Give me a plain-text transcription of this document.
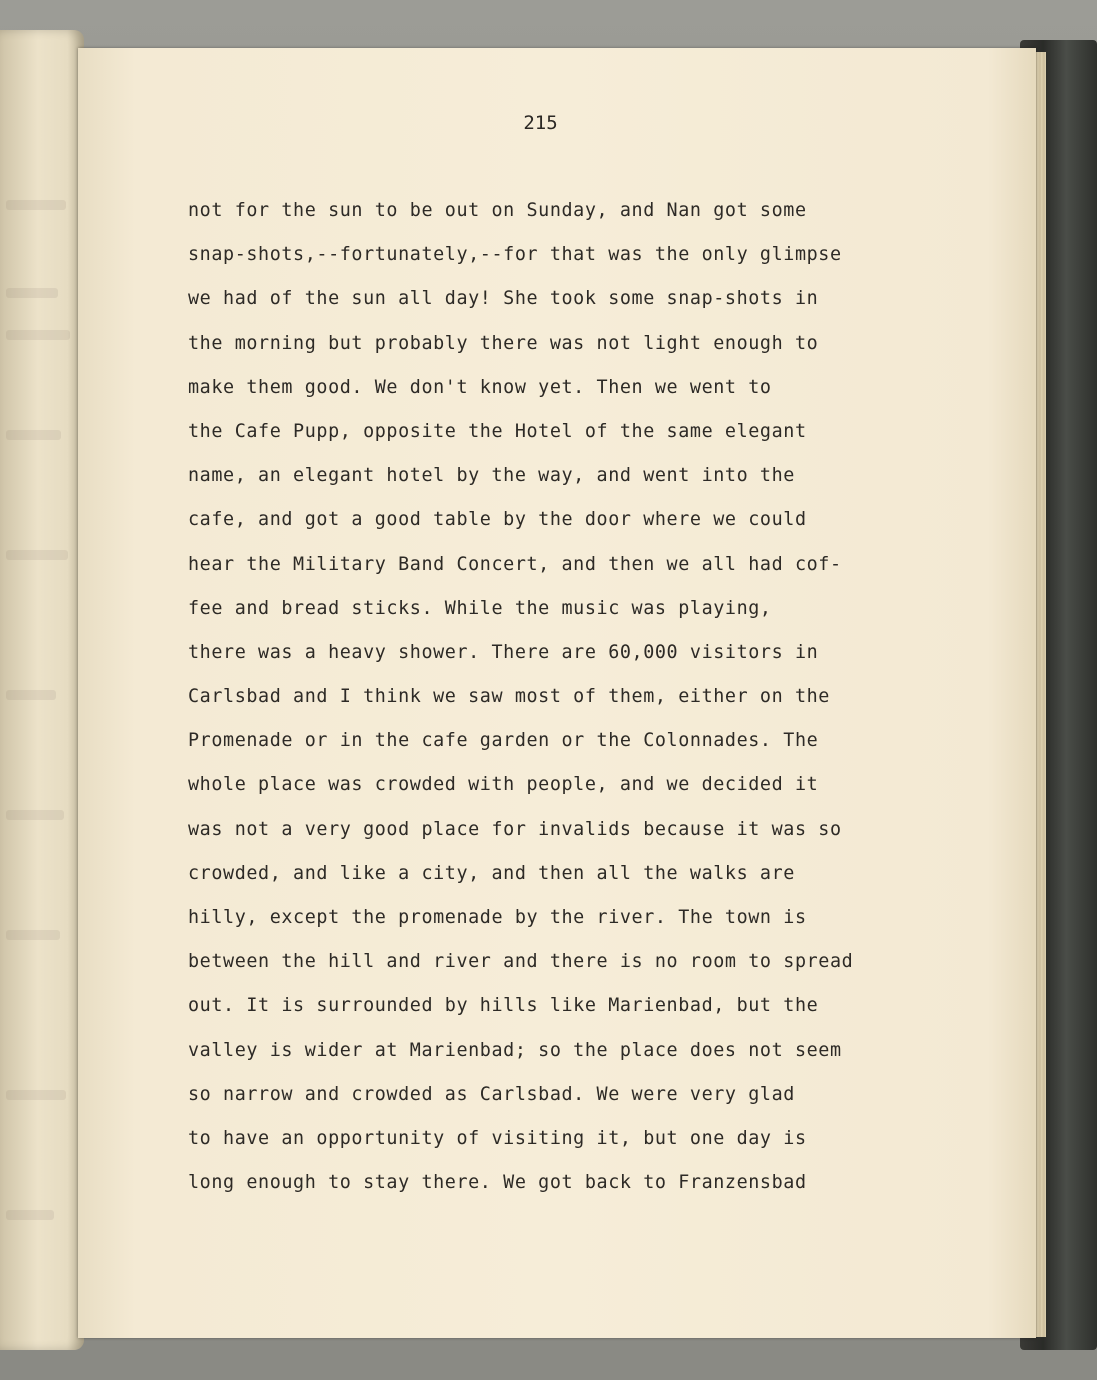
215
not for the sun to be out on Sunday, and Nan got some
snap-shots,--fortunately,--for that was the only glimpse
we had of the sun all day! She took some snap-shots in
the morning but probably there was not light enough to
make them good. We don't know yet. Then we went to
the Cafe Pupp, opposite the Hotel of the same elegant
name, an elegant hotel by the way, and went into the
cafe, and got a good table by the door where we could
hear the Military Band Concert, and then we all had cof-
fee and bread sticks. While the music was playing,
there was a heavy shower. There are 60,000 visitors in
Carlsbad and I think we saw most of them, either on the
Promenade or in the cafe garden or the Colonnades. The
whole place was crowded with people, and we decided it
was not a very good place for invalids because it was so
crowded, and like a city, and then all the walks are
hilly, except the promenade by the river. The town is
between the hill and river and there is no room to spread
out. It is surrounded by hills like Marienbad, but the
valley is wider at Marienbad; so the place does not seem
so narrow and crowded as Carlsbad. We were very glad
to have an opportunity of visiting it, but one day is
long enough to stay there. We got back to Franzensbad
